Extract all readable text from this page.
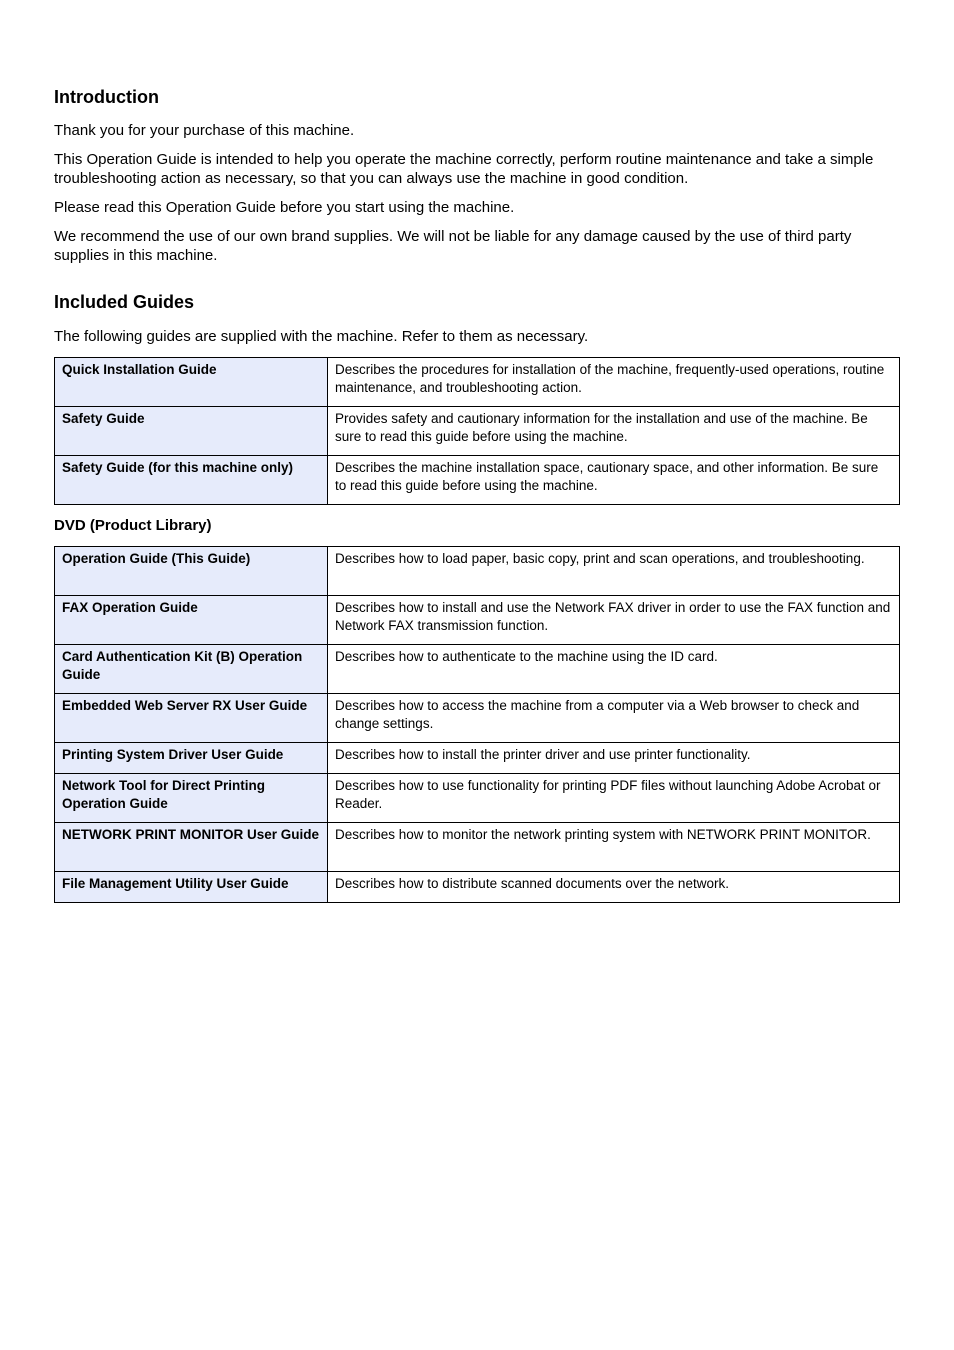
Introduction

Thank you for your purchase of this machine.

This Operation Guide is intended to help you operate the machine correctly, perform routine maintenance and take a simple troubleshooting action as necessary, so that you can always use the machine in good condition.

Please read this Operation Guide before you start using the machine.

We recommend the use of our own brand supplies. We will not be liable for any damage caused by the use of third party supplies in this machine.

Included Guides

The following guides are supplied with the machine. Refer to them as necessary.

Quick Installation Guide	Describes the procedures for installation of the machine, frequently-used operations, routine maintenance, and troubleshooting action.
Safety Guide	Provides safety and cautionary information for the installation and use of the machine. Be sure to read this guide before using the machine.
Safety Guide (for this machine only)	Describes the machine installation space, cautionary space, and other information. Be sure to read this guide before using the machine.
DVD (Product Library)
Operation Guide (This Guide)	Describes how to load paper, basic copy, print and scan operations, and troubleshooting.
FAX Operation Guide	Describes how to install and use the Network FAX driver in order to use the FAX function and Network FAX transmission function.
Card Authentication Kit (B) Operation Guide	Describes how to authenticate to the machine using the ID card.
Embedded Web Server RX User Guide	Describes how to access the machine from a computer via a Web browser to check and change settings.
Printing System Driver User Guide	Describes how to install the printer driver and use printer functionality.
Network Tool for Direct Printing Operation Guide	Describes how to use functionality for printing PDF files without launching Adobe Acrobat or Reader.
NETWORK PRINT MONITOR User Guide	Describes how to monitor the network printing system with NETWORK PRINT MONITOR.
File Management Utility User Guide	Describes how to distribute scanned documents over the network.
